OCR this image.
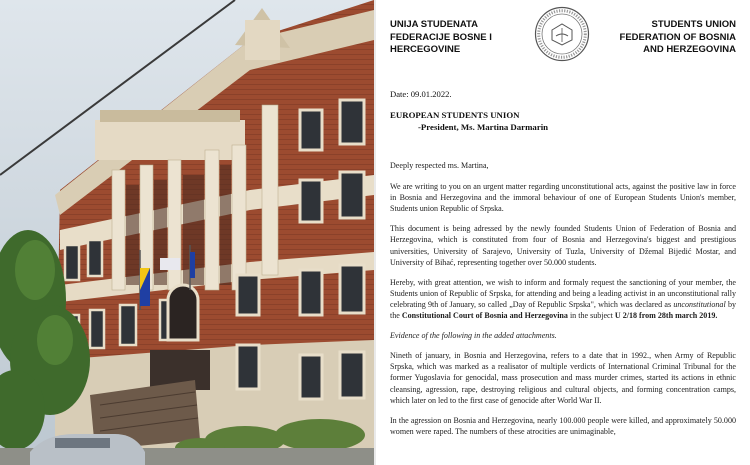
UNIJA STUDENATA
FEDERACIJE BOSNE I
HERCEGOVINE
STUDENTS UNION
FEDERATION OF BOSNIA
AND HERZEGOVINA
Date: 09.01.2022.
EUROPEAN STUDENTS UNION
-President, Ms. Martina Darmarin

Deeply respected ms. Martina,

We are writing to you on an urgent matter regarding unconstitutional acts, against the positive law in force in Bosnia and Herzegovina and the immoral behaviour of one of European Students Union's member, Students union Republic of Srpska.

This document is being adressed by the newly founded Students Union of Federation of Bosnia and Herzegovina, which is constituted from four of Bosnia and Herzegovina's biggest and prestigious universities, University of Sarajevo, University of Tuzla, University of Džemal Bijedić Mostar, and University of Bihać, representing together over 50.000 students.

Hereby, with great attention, we wish to inform and formaly request the sanctioning of your member, the Students union of Republic of Srpska, for attending and being a leading activist in an unconstitutional rally celebrating 9th of January, so called „Day of Republic Srpska", which was declared as unconstitutional by the Constitutional Court of Bosnia and Herzegovina in the subject U 2/18 from 28th march 2019.

Evidence of the following in the added attachments.

Nineth of january, in Bosnia and Herzegovina, refers to a date that in 1992., when Army of Republic Srpska, which was marked as a realisator of multiple verdicts of International Criminal Tribunal for the former Yugoslavia for genocidal, mass prosecution and mass murder crimes, started its actions in ethnic cleansing, agression, rape, destroying religious and cultural objects, and forming concentration camps, which later on led to the first case of genocide after World War II.

In the agression on Bosnia and Herzegovina, nearly 100.000 people were killed, and approximately 50.000 women were raped. The numbers of these atrocities are unimaginable,
